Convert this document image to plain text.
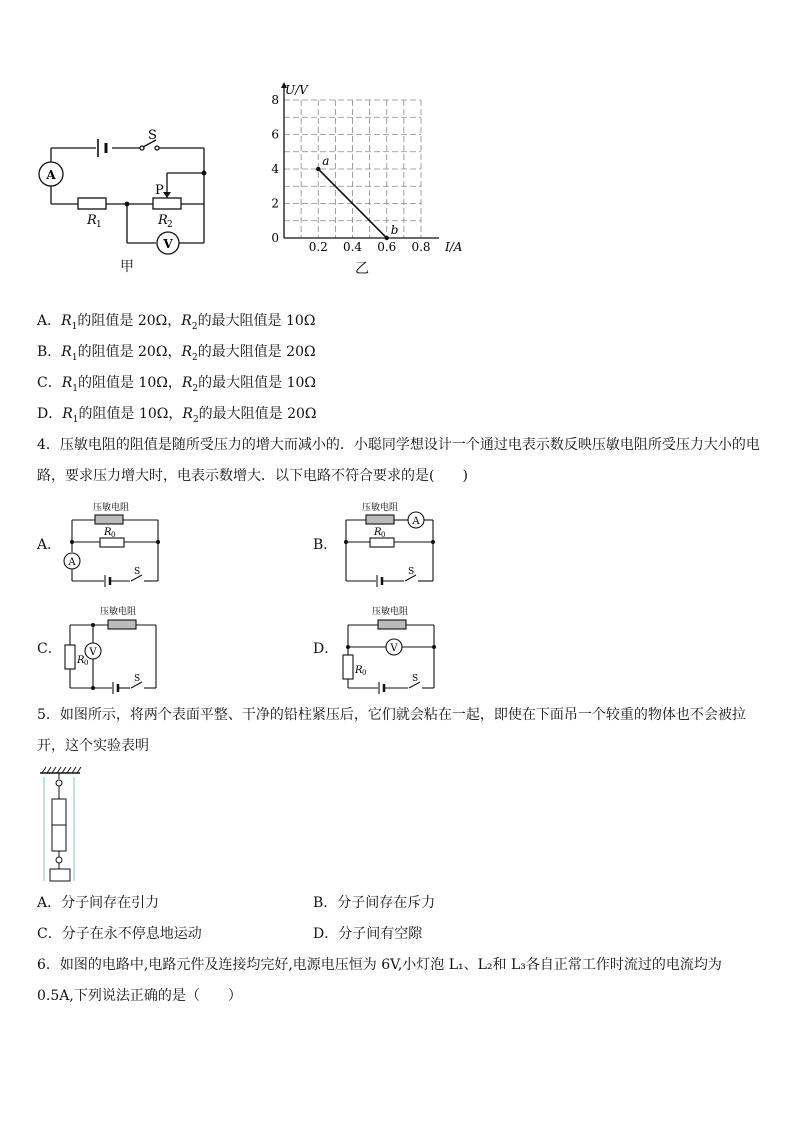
A
V
S
P
R 1	R 2
甲
0
2
4
6
8
0.2 0.4 0.6 0.8
U/V
I/A
a
b
乙
A．$R_1$的阻值是 20Ω，$R_2$的最大阻值是 10Ω
B．$R_1$的阻值是 20Ω，$R_2$的最大阻值是 20Ω
C．$R_1$的阻值是 10Ω，$R_2$的最大阻值是 10Ω
D．$R_1$的阻值是 10Ω，$R_2$的最大阻值是 20Ω
4．压敏电阻的阻值是随所受压力的增大而减小的．小聪同学想设计一个通过电表示数反映压敏电阻所受压力大小的电路，要求压力增大时，电表示数增大．以下电路不符合要求的是(　　)
A．	B．
C．	D．
A
压敏电阻
R 0
S
A
压敏电阻
R 0
S
V
压敏电阻
R 0
S
V
压敏电阻
R 0
S
5．如图所示，将两个表面平整、干净的铅柱紧压后，它们就会粘在一起，即使在下面吊一个较重的物体也不会被拉开，这个实验表明
A．分子间存在引力	B．分子间存在斥力
C．分子在永不停息地运动	D．分子间有空隙
6．如图的电路中,电路元件及连接均完好,电源电压恒为 6V,小灯泡 L₁、L₂和 L₃各自正常工作时流过的电流均为 0.5A,下列说法正确的是（　　）
